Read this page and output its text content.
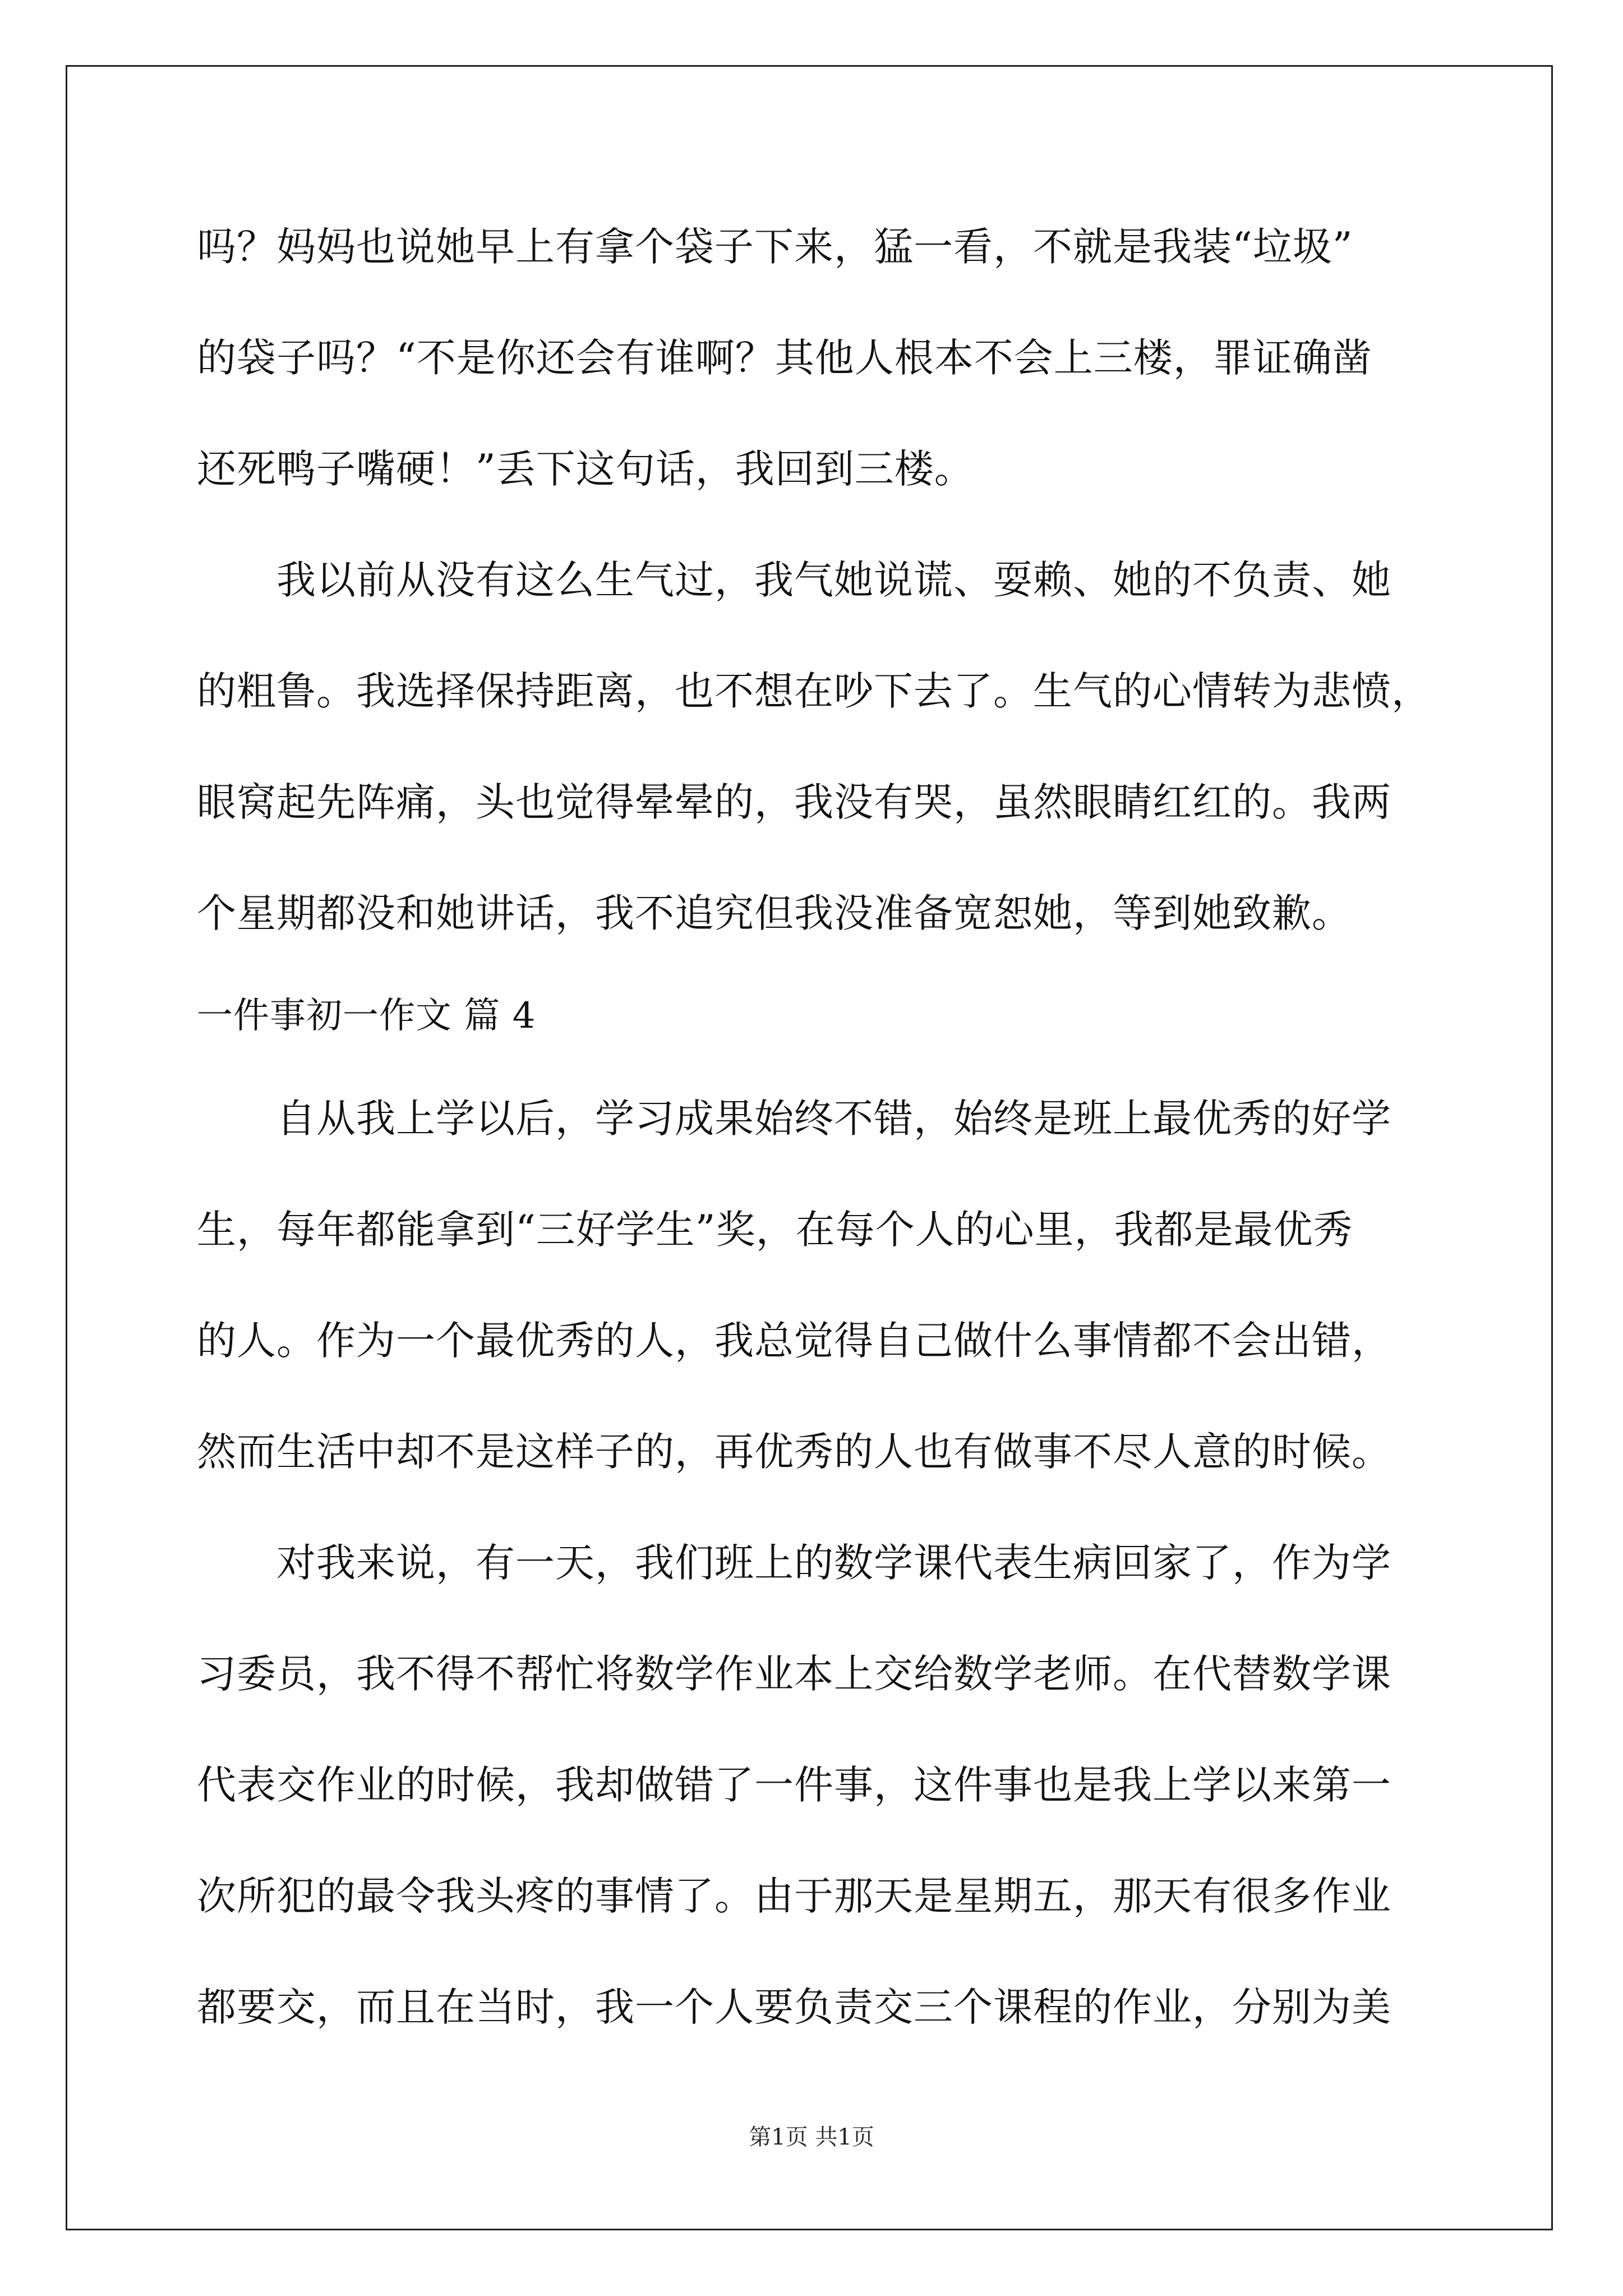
吗？妈妈也说她早上有拿个袋子下来，猛一看，不就是我装“垃圾”
的袋子吗？“不是你还会有谁啊？其他人根本不会上三楼，罪证确凿
还死鸭子嘴硬！”丢下这句话，我回到三楼。
　　我以前从没有这么生气过，我气她说谎、耍赖、她的不负责、她
的粗鲁。我选择保持距离，也不想在吵下去了。生气的心情转为悲愤，
眼窝起先阵痛，头也觉得晕晕的，我没有哭，虽然眼睛红红的。我两
个星期都没和她讲话，我不追究但我没准备宽恕她，等到她致歉。
一件事初一作文 篇 4
　　自从我上学以后，学习成果始终不错，始终是班上最优秀的好学
生，每年都能拿到“三好学生”奖，在每个人的心里，我都是最优秀
的人。作为一个最优秀的人，我总觉得自己做什么事情都不会出错，
然而生活中却不是这样子的，再优秀的人也有做事不尽人意的时候。
　　对我来说，有一天，我们班上的数学课代表生病回家了，作为学
习委员，我不得不帮忙将数学作业本上交给数学老师。在代替数学课
代表交作业的时候，我却做错了一件事，这件事也是我上学以来第一
次所犯的最令我头疼的事情了。由于那天是星期五，那天有很多作业
都要交，而且在当时，我一个人要负责交三个课程的作业，分别为美
第1页 共1页
